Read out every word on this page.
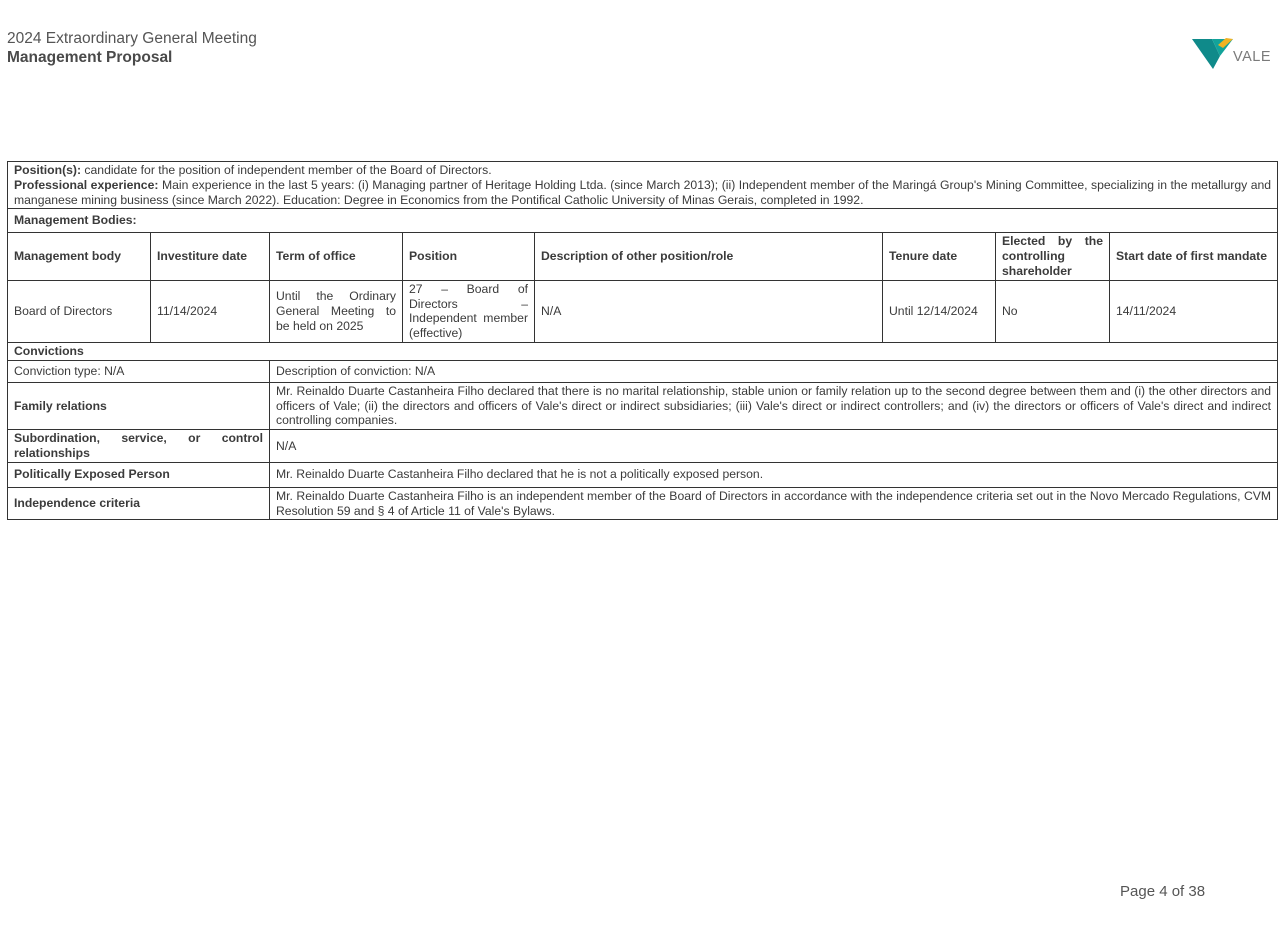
2024 Extraordinary General Meeting
Management Proposal	VALE
Position(s): candidate for the position of independent member of the Board of Directors.
Professional experience: Main experience in the last 5 years: (i) Managing partner of Heritage Holding Ltda. (since March 2013); (ii) Independent member of the Maringá Group's Mining Committee, specializing in the metallurgy and manganese mining business (since March 2022). Education: Degree in Economics from the Pontifical Catholic University of Minas Gerais, completed in 1992.							
Management Bodies:							
Management body	Investiture date	Term of office	Position	Description of other position/role	Tenure date	Elected by the controlling shareholder	Start date of first mandate
Board of Directors	11/14/2024	Until the Ordinary General Meeting to be held on 2025	27 – Board of Directors – Independent member (effective)	N/A	Until 12/14/2024	No	14/11/2024
Convictions							
Conviction type: N/A		Description of conviction: N/A					
Family relations		Mr. Reinaldo Duarte Castanheira Filho declared that there is no marital relationship, stable union or family relation up to the second degree between them and (i) the other directors and officers of Vale; (ii) the directors and officers of Vale's direct or indirect subsidiaries; (iii) Vale's direct or indirect controllers; and (iv) the directors or officers of Vale's direct and indirect controlling companies.					
Subordination, service, or control relationships		N/A					
Politically Exposed Person		Mr. Reinaldo Duarte Castanheira Filho declared that he is not a politically exposed person.					
Independence criteria		Mr. Reinaldo Duarte Castanheira Filho is an independent member of the Board of Directors in accordance with the independence criteria set out in the Novo Mercado Regulations, CVM Resolution 59 and § 4 of Article 11 of Vale's Bylaws.					
Page 4 of 38
